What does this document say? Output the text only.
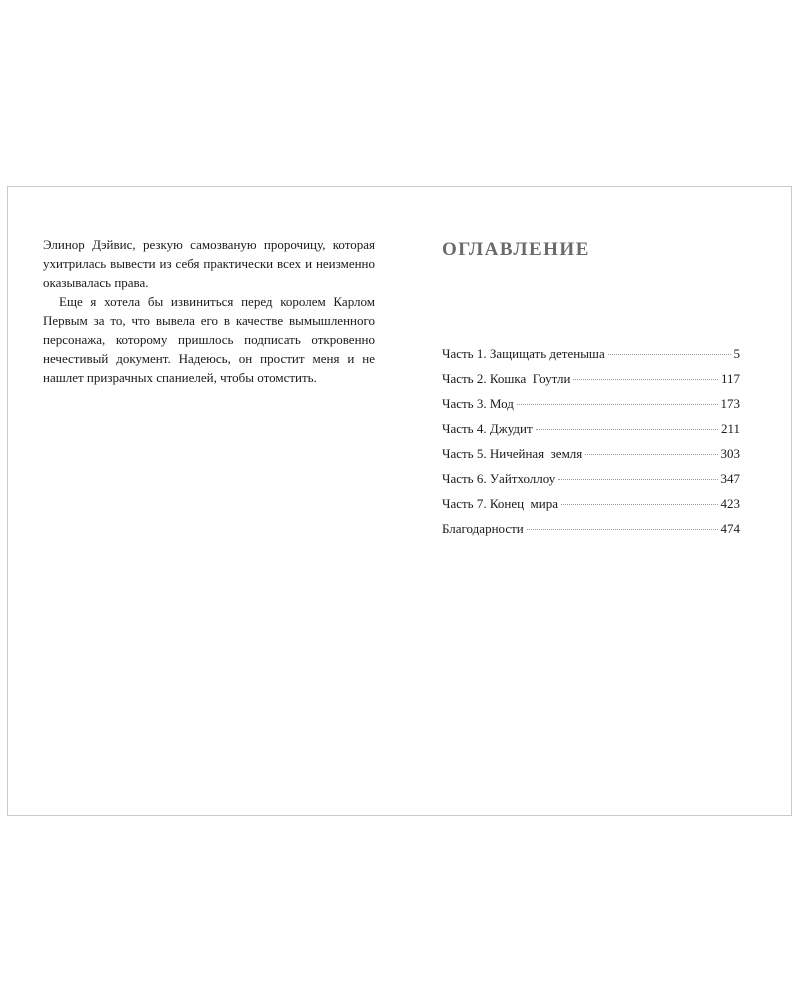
Элинор Дэйвис, резкую самозваную пророчицу, которая ухитрилась вывести из себя практически всех и неизменно оказывалась права.

Еще я хотела бы извиниться перед королем Карлом Первым за то, что вывела его в качестве вымышленного персонажа, которому пришлось подписать откровенно нечестивый документ. Надеюсь, он простит меня и не нашлет призрачных спаниелей, чтобы отомстить.

ОГЛАВЛЕНИЕ
Часть 1. Защищать детеныша	5
Часть 2. Кошка  Гоутли	117
Часть 3. Мод	173
Часть 4. Джудит	211
Часть 5. Ничейная  земля	303
Часть 6. Уайтхоллоу	347
Часть 7. Конец  мира	423
Благодарности	474
